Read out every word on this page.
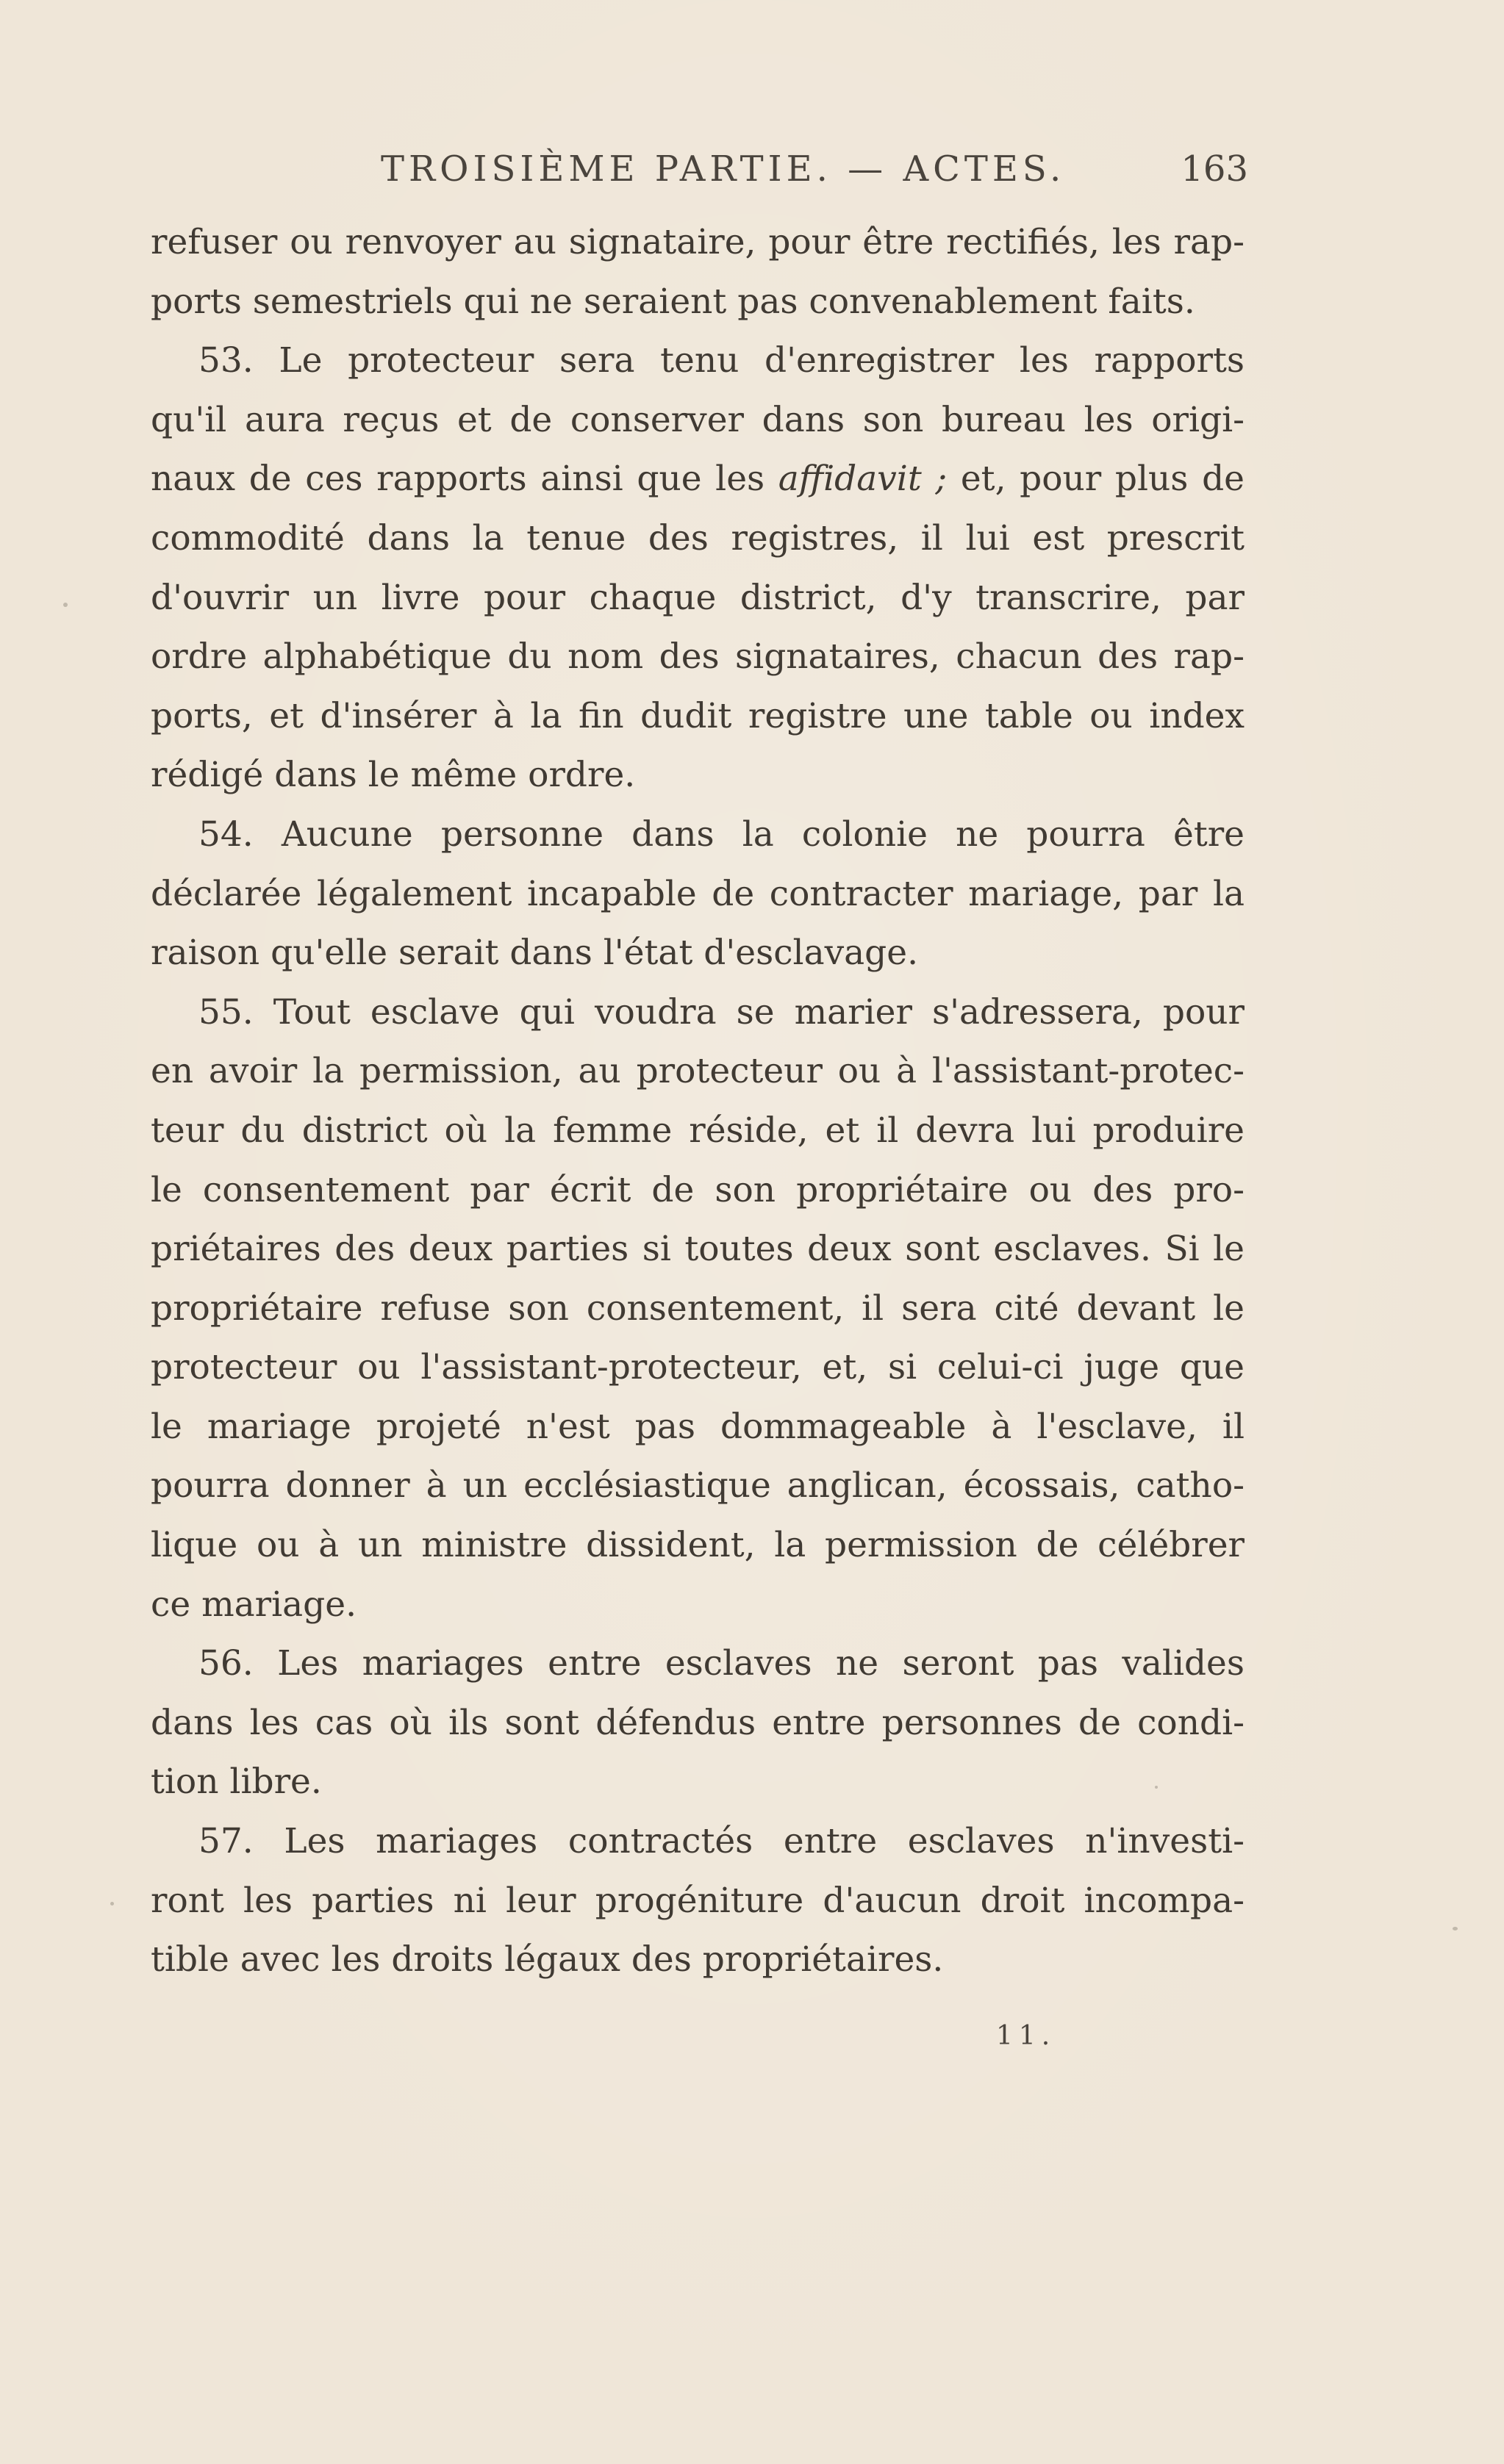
TROISIÈME PARTIE. — ACTES.	163
refuser ou renvoyer au signataire, pour être rectifiés, les rap-
ports semestriels qui ne seraient pas convenablement faits.
53. Le protecteur sera tenu d'enregistrer les rapports
qu'il aura reçus et de conserver dans son bureau les origi-
naux de ces rapports ainsi que les affidavit ; et, pour plus de
commodité dans la tenue des registres, il lui est prescrit
d'ouvrir un livre pour chaque district, d'y transcrire, par
ordre alphabétique du nom des signataires, chacun des rap-
ports, et d'insérer à la fin dudit registre une table ou index
rédigé dans le même ordre.
54. Aucune personne dans la colonie ne pourra être
déclarée légalement incapable de contracter mariage, par la
raison qu'elle serait dans l'état d'esclavage.
55. Tout esclave qui voudra se marier s'adressera, pour
en avoir la permission, au protecteur ou à l'assistant-protec-
teur du district où la femme réside, et il devra lui produire
le consentement par écrit de son propriétaire ou des pro-
priétaires des deux parties si toutes deux sont esclaves. Si le
propriétaire refuse son consentement, il sera cité devant le
protecteur ou l'assistant-protecteur, et, si celui-ci juge que
le mariage projeté n'est pas dommageable à l'esclave, il
pourra donner à un ecclésiastique anglican, écossais, catho-
lique ou à un ministre dissident, la permission de célébrer
ce mariage.
56. Les mariages entre esclaves ne seront pas valides
dans les cas où ils sont défendus entre personnes de condi-
tion libre.
57. Les mariages contractés entre esclaves n'investi-
ront les parties ni leur progéniture d'aucun droit incompa-
tible avec les droits légaux des propriétaires.
11.
